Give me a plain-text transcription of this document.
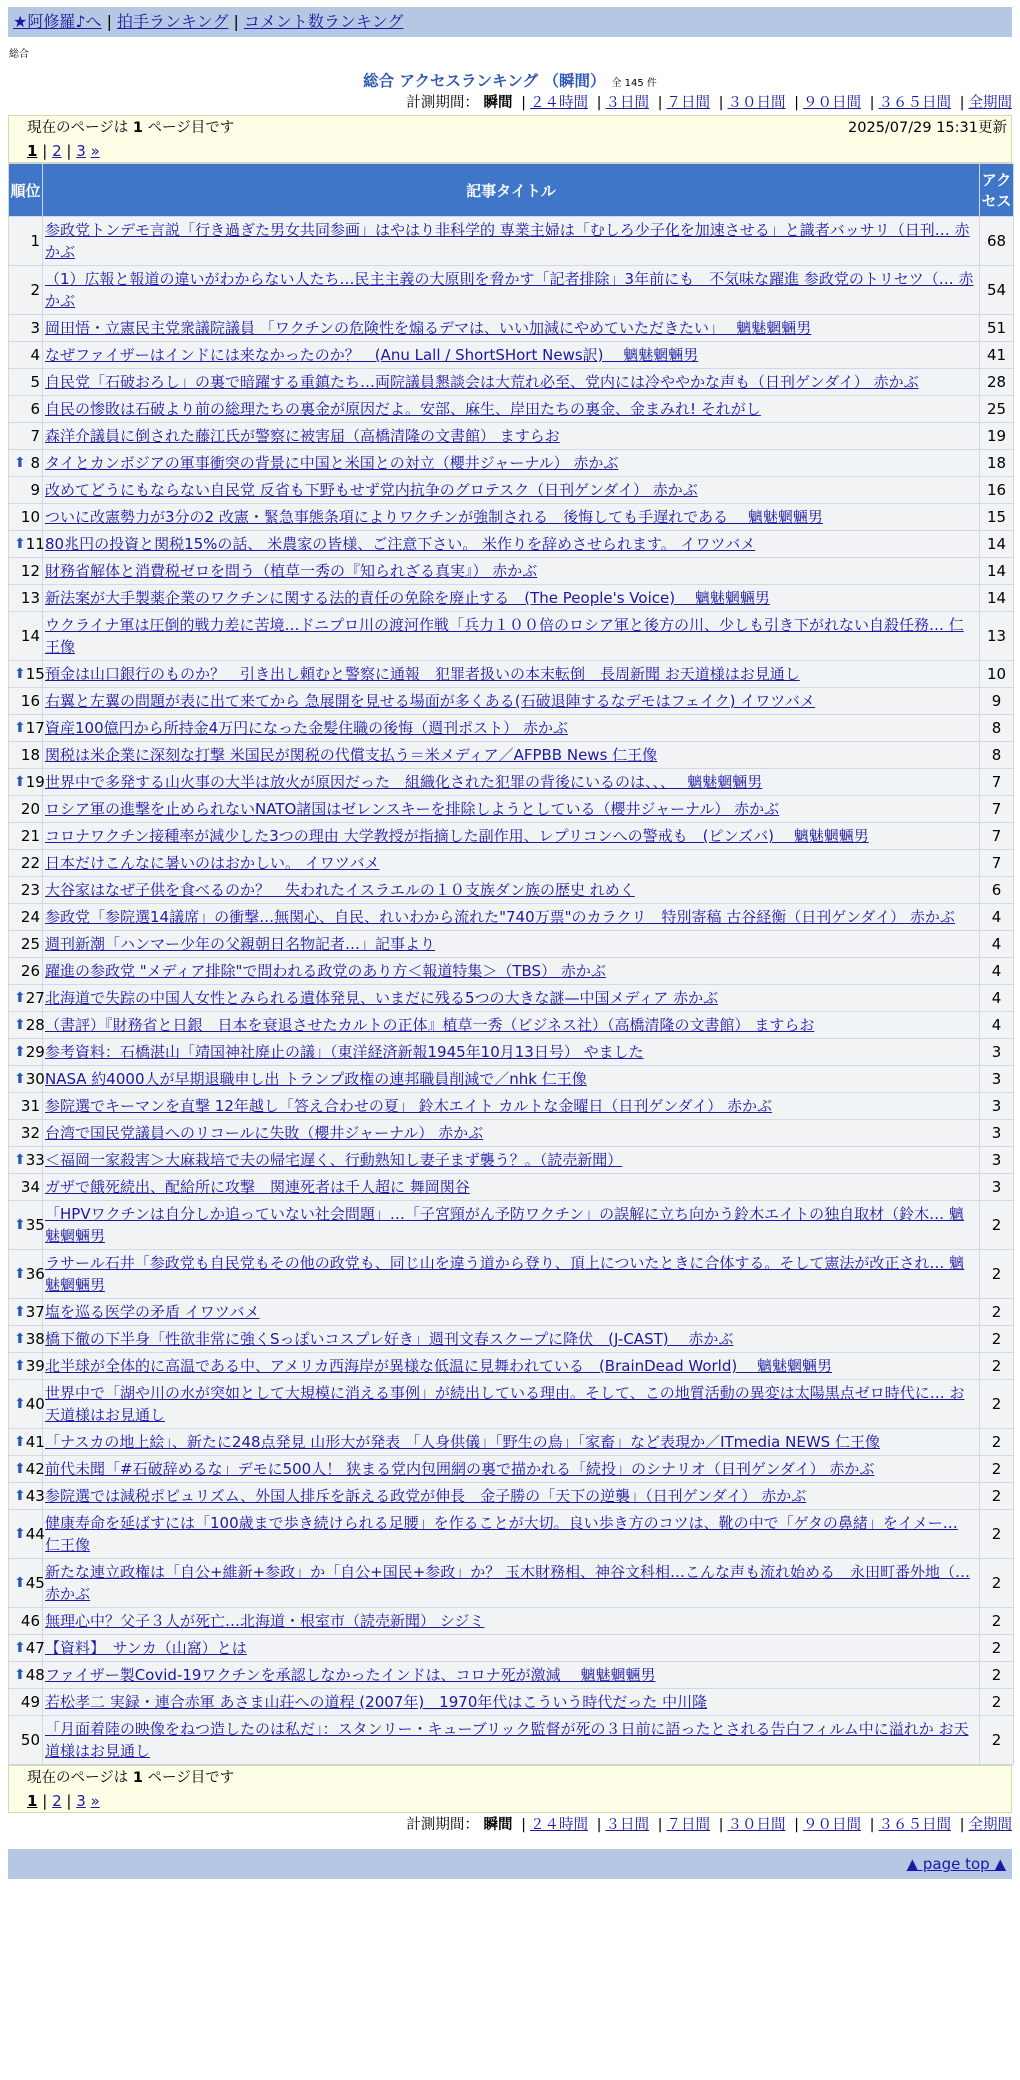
★阿修羅♪へ | 拍手ランキング | コメント数ランキング
総合
総合 アクセスランキング （瞬間） 全 145 件
計測期間： 瞬間 | ２４時間 | ３日間 | ７日間 | ３０日間 | ９０日間 | ３６５日間 | 全期間
現在のページは 1 ページ目です	2025/07/29 15:31更新
1 | 2 | 3 »
順位	記事タイトル	アクセス
1	参政党トンデモ言説「行き過ぎた男女共同参画」はやはり非科学的 専業主婦は「むしろ少子化を加速させる」と識者バッサリ（日刊… 赤かぶ	68
2	（1）広報と報道の違いがわからない人たち…民主主義の大原則を脅かす「記者排除」3年前にも　不気味な躍進 参政党のトリセツ（… 赤かぶ	54
3	岡田悟・立憲民主党衆議院議員 「ワクチンの危険性を煽るデマは、いい加減にやめていただきたい」　 魑魅魍魎男	51
4	なぜファイザーはインドには来なかったのか？　(Anu Lall / ShortSHort News訳)　 魑魅魍魎男	41
5	自民党「石破おろし」の裏で暗躍する重鎮たち…両院議員懇談会は大荒れ必至、党内には冷ややかな声も（日刊ゲンダイ） 赤かぶ	28
6	自民の惨敗は石破より前の総理たちの裏金が原因だよ。安部、麻生、岸田たちの裏金、金まみれ! それがし	25
7	森洋介議員に倒された藤江氏が警察に被害届（高橋清隆の文書館） ますらお	19

⬆ 8	タイとカンボジアの軍事衝突の背景に中国と米国との対立（櫻井ジャーナル） 赤かぶ	18
9	改めてどうにもならない自民党 反省も下野もせず党内抗争のグロテスク（日刊ゲンダイ） 赤かぶ	16
10	ついに改憲勢力が3分の2 改憲・緊急事態条項によりワクチンが強制される　後悔しても手遅れである　 魑魅魍魎男	15

⬆ 11	80兆円の投資と関税15%の話、 米農家の皆様、ご注意下さい。 米作りを辞めさせられます。 イワツバメ	14
12	財務省解体と消費税ゼロを問う（植草一秀の『知られざる真実』） 赤かぶ	14
13	新法案が大手製薬企業のワクチンに関する法的責任の免除を廃止する　(The People's Voice)　 魑魅魍魎男	14
14	ウクライナ軍は圧倒的戦力差に苦境…ドニプロ川の渡河作戦「兵力１００倍のロシア軍と後方の川、少しも引き下がれない自殺任務… 仁王像	13

⬆ 15	預金は山口銀行のものか？　引き出し頼むと警察に通報　犯罪者扱いの本末転倒　長周新聞 お天道様はお見通し	10
16	右翼と左翼の問題が表に出て来てから 急展開を見せる場面が多くある(石破退陣するなデモはフェイク) イワツバメ	9

⬆ 17	資産100億円から所持金4万円になった金髪住職の後悔（週刊ポスト） 赤かぶ	8
18	関税は米企業に深刻な打撃 米国民が関税の代償支払う＝米メディア／AFPBB News 仁王像	8

⬆ 19	世界中で多発する山火事の大半は放火が原因だった　組織化された犯罪の背後にいるのは、、、　 魑魅魍魎男	7
20	ロシア軍の進撃を止められないNATO諸国はゼレンスキーを排除しようとしている（櫻井ジャーナル） 赤かぶ	7
21	コロナワクチン接種率が減少した3つの理由 大学教授が指摘した副作用、レプリコンへの警戒も　(ピンズバ)　 魑魅魍魎男	7
22	日本だけこんなに暑いのはおかしい。 イワツバメ	7
23	大谷家はなぜ子供を食べるのか？　失われたイスラエルの１０支族ダン族の歴史 れめく	6
24	参政党「参院選14議席」の衝撃…無関心、自民、れいわから流れた"740万票"のカラクリ　特別寄稿 古谷経衡（日刊ゲンダイ） 赤かぶ	4
25	週刊新潮「ハンマー少年の父親朝日名物記者…」記事より	4
26	躍進の参政党 "メディア排除"で問われる政党のあり方＜報道特集＞（TBS） 赤かぶ	4

⬆ 27	北海道で失踪の中国人女性とみられる遺体発見、いまだに残る5つの大きな謎—中国メディア 赤かぶ	4

⬆ 28	（書評）『財務省と日銀　日本を衰退させたカルトの正体』植草一秀（ビジネス社）（高橋清隆の文書館） ますらお	4

⬆ 29	参考資料：石橋湛山「靖国神社廃止の議」（東洋経済新報1945年10月13日号） やました	3

⬆ 30	NASA 約4000人が早期退職申し出 トランプ政権の連邦職員削減で／nhk 仁王像	3
31	参院選でキーマンを直撃 12年越し「答え合わせの夏」 鈴木エイト カルトな金曜日（日刊ゲンダイ） 赤かぶ	3
32	台湾で国民党議員へのリコールに失敗（櫻井ジャーナル） 赤かぶ	3

⬆ 33	＜福岡一家殺害＞大麻栽培で夫の帰宅遅く、行動熟知し妻子まず襲う？。（読売新聞）	3
34	ガザで餓死続出、配給所に攻撃　関連死者は千人超に 舞岡関谷	3

⬆ 35	「HPVワクチンは自分しか追っていない社会問題」…「子宮頸がん予防ワクチン」の誤解に立ち向かう鈴木エイトの独自取材（鈴木… 魑魅魍魎男	2

⬆ 36	ラサール石井「参政党も自民党もその他の政党も、同じ山を違う道から登り、頂上についたときに合体する。そして憲法が改正され… 魑魅魍魎男	2

⬆ 37	塩を巡る医学の矛盾 イワツバメ	2

⬆ 38	橋下徹の下半身「性欲非常に強くSっぽいコスプレ好き」週刊文春スクープに降伏　(J-CAST)　 赤かぶ	2

⬆ 39	北半球が全体的に高温である中、アメリカ西海岸が異様な低温に見舞われている　(BrainDead World)　 魑魅魍魎男	2

⬆ 40	世界中で「湖や川の水が突如として大規模に消える事例」が続出している理由。そして、この地質活動の異変は太陽黒点ゼロ時代に… お天道様はお見通し	2

⬆ 41	「ナスカの地上絵」、新たに248点発見 山形大が発表 「人身供儀」「野生の鳥」「家畜」など表現か／ITmedia NEWS 仁王像	2

⬆ 42	前代未聞「#石破辞めるな」デモに500人！ 狭まる党内包囲網の裏で描かれる「続投」のシナリオ（日刊ゲンダイ） 赤かぶ	2

⬆ 43	参院選では減税ポピュリズム、外国人排斥を訴える政党が伸長　金子勝の「天下の逆襲」（日刊ゲンダイ） 赤かぶ	2

⬆ 44	健康寿命を延ばすには「100歳まで歩き続けられる足腰」を作ることが大切。良い歩き方のコツは、靴の中で「ゲタの鼻緒」をイメー… 仁王像	2

⬆ 45	新たな連立政権は「自公+維新+参政」か「自公+国民+参政」か？ 玉木財務相、神谷文科相…こんな声も流れ始める　永田町番外地（… 赤かぶ	2
46	無理心中？父子３人が死亡…北海道・根室市（読売新聞） シジミ	2

⬆ 47	【資料】　サンカ（山窩）とは	2

⬆ 48	ファイザー製Covid-19ワクチンを承認しなかったインドは、コロナ死が激減　 魑魅魍魎男	2
49	若松孝二 実録・連合赤軍 あさま山荘への道程 (2007年)＿1970年代はこういう時代だった 中川隆	2
50	「月面着陸の映像をねつ造したのは私だ」：スタンリー・キューブリック監督が死の３日前に語ったとされる告白フィルム中に溢れか お天道様はお見通し	2
現在のページは 1 ページ目です
1 | 2 | 3 »
計測期間： 瞬間 | ２４時間 | ３日間 | ７日間 | ３０日間 | ９０日間 | ３６５日間 | 全期間
▲ page top ▲
